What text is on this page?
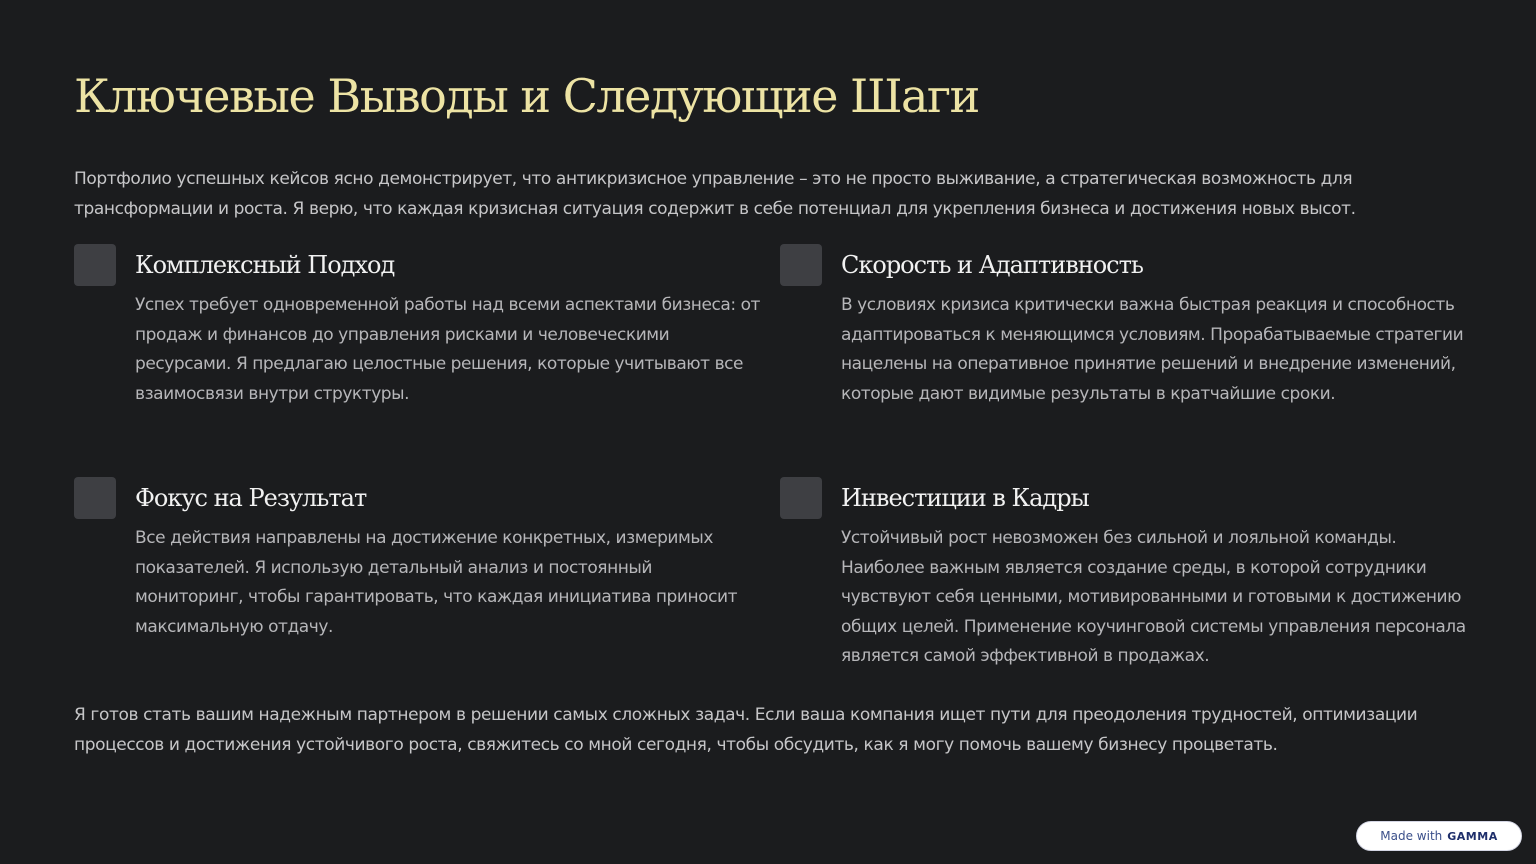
Ключевые Выводы и Следующие Шаги

Портфолио успешных кейсов ясно демонстрирует, что антикризисное управление – это не просто выживание, а стратегическая возможность для трансформации и роста. Я верю, что каждая кризисная ситуация содержит в себе потенциал для укрепления бизнеса и достижения новых высот.

Комплексный Подход

Успех требует одновременной работы над всеми аспектами бизнеса: от продаж и финансов до управления рисками и человеческими ресурсами. Я предлагаю целостные решения, которые учитывают все взаимосвязи внутри структуры.

Скорость и Адаптивность

В условиях кризиса критически важна быстрая реакция и способность адаптироваться к меняющимся условиям. Прорабатываемые стратегии нацелены на оперативное принятие решений и внедрение изменений, которые дают видимые результаты в кратчайшие сроки.

Фокус на Результат

Все действия направлены на достижение конкретных, измеримых показателей. Я использую детальный анализ и постоянный мониторинг, чтобы гарантировать, что каждая инициатива приносит максимальную отдачу.

Инвестиции в Кадры

Устойчивый рост невозможен без сильной и лояльной команды. Наиболее важным является создание среды, в которой сотрудники чувствуют себя ценными, мотивированными и готовыми к достижению общих целей. Применение коучинговой системы управления персонала является самой эффективной в продажах.

Я готов стать вашим надежным партнером в решении самых сложных задач. Если ваша компания ищет пути для преодоления трудностей, оптимизации процессов и достижения устойчивого роста, свяжитесь со мной сегодня, чтобы обсудить, как я могу помочь вашему бизнесу процветать.

Made with GAMMA
